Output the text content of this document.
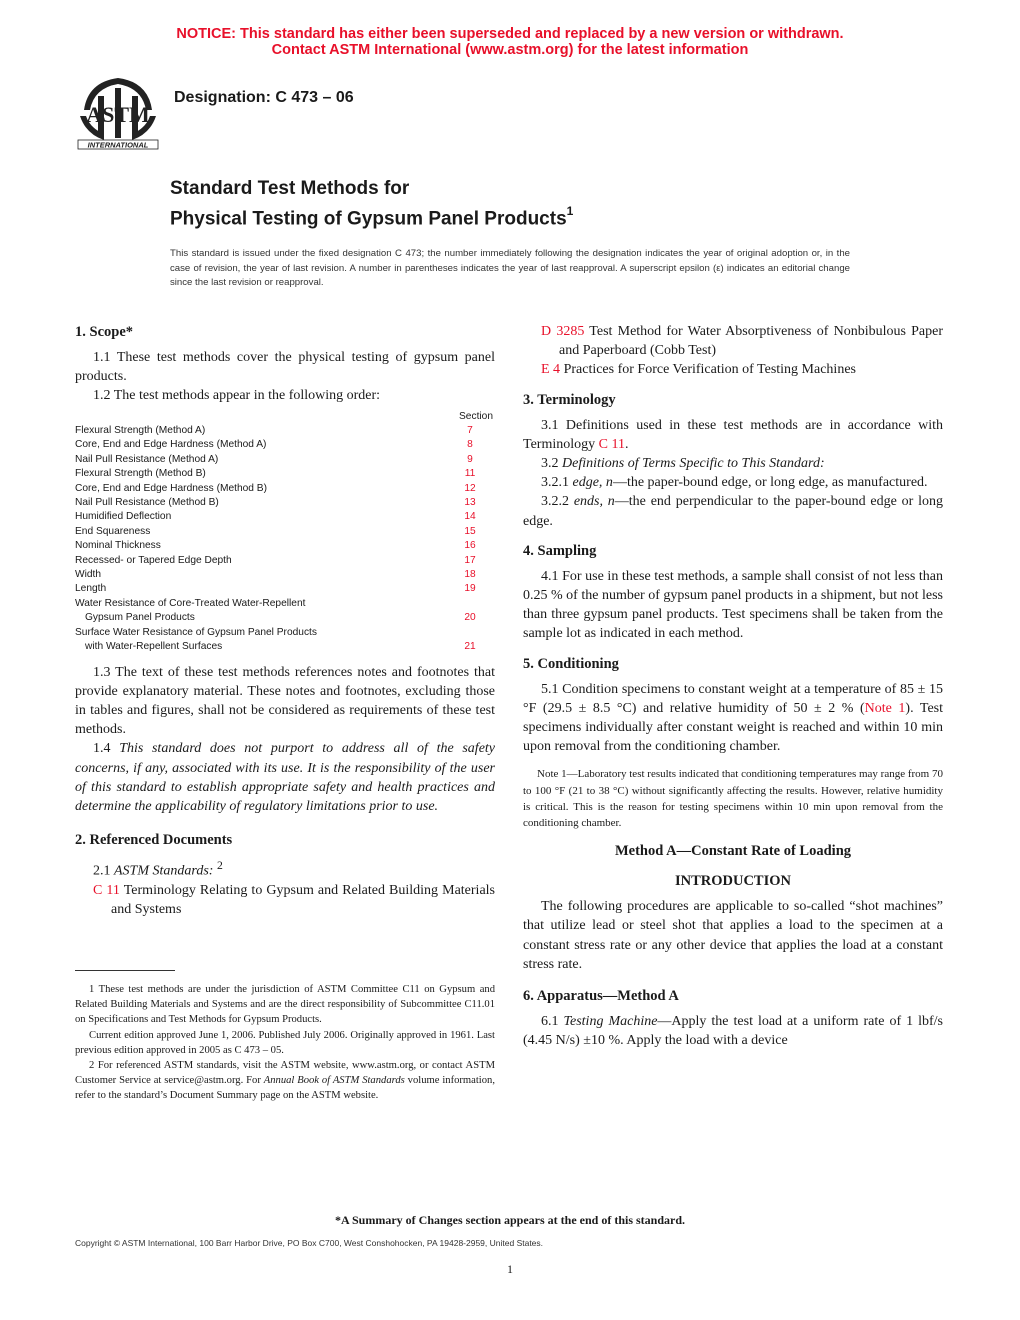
NOTICE: This standard has either been superseded and replaced by a new version or withdrawn.
Contact ASTM International (www.astm.org) for the latest information
ASTM
INTERNATIONAL
Designation: C 473 – 06
Standard Test Methods for
Physical Testing of Gypsum Panel Products$^1$
This standard is issued under the fixed designation C 473; the number immediately following the designation indicates the year of original adoption or, in the case of revision, the year of last revision. A number in parentheses indicates the year of last reapproval. A superscript epsilon (ε) indicates an editorial change since the last revision or reapproval.
1. Scope*

1.1 These test methods cover the physical testing of gypsum panel products.

1.2 The test methods appear in the following order:

Section
Flexural Strength (Method A)	7
Core, End and Edge Hardness (Method A)	8
Nail Pull Resistance (Method A)	9
Flexural Strength (Method B)	11
Core, End and Edge Hardness (Method B)	12
Nail Pull Resistance (Method B)	13
Humidified Deflection	14
End Squareness	15
Nominal Thickness	16
Recessed- or Tapered Edge Depth	17
Width	18
Length	19
Water Resistance of Core-Treated Water-Repellent
Gypsum Panel Products	20
Surface Water Resistance of Gypsum Panel Products
with Water-Repellent Surfaces	21

1.3 The text of these test methods references notes and footnotes that provide explanatory material. These notes and footnotes, excluding those in tables and figures, shall not be considered as requirements of these test methods.

1.4 This standard does not purport to address all of the safety concerns, if any, associated with its use. It is the responsibility of the user of this standard to establish appropriate safety and health practices and determine the applicability of regulatory limitations prior to use.

2. Referenced Documents

2.1 ASTM Standards: $^2$

C 11 Terminology Relating to Gypsum and Related Building Materials and Systems

D 3285 Test Method for Water Absorptiveness of Nonbibulous Paper and Paperboard (Cobb Test)

E 4 Practices for Force Verification of Testing Machines

3. Terminology

3.1 Definitions used in these test methods are in accordance with Terminology C 11.

3.2 Definitions of Terms Specific to This Standard:

3.2.1 edge, n—the paper-bound edge, or long edge, as manufactured.

3.2.2 ends, n—the end perpendicular to the paper-bound edge or long edge.

4. Sampling

4.1 For use in these test methods, a sample shall consist of not less than 0.25 % of the number of gypsum panel products in a shipment, but not less than three gypsum panel products. Test specimens shall be taken from the sample lot as indicated in each method.

5. Conditioning

5.1 Condition specimens to constant weight at a temperature of 85 ± 15 °F (29.5 ± 8.5 °C) and relative humidity of 50 ± 2 % (Note 1). Test specimens individually after constant weight is reached and within 10 min upon removal from the conditioning chamber.

Note 1—Laboratory test results indicated that conditioning temperatures may range from 70 to 100 °F (21 to 38 °C) without significantly affecting the results. However, relative humidity is critical. This is the reason for testing specimens within 10 min upon removal from the conditioning chamber.

Method A—Constant Rate of Loading
INTRODUCTION

The following procedures are applicable to so-called “shot machines” that utilize lead or steel shot that applies a load to the specimen at a constant stress rate or any other device that applies the load at a constant stress rate.

6. Apparatus—Method A

6.1 Testing Machine—Apply the test load at a uniform rate of 1 lbf/s (4.45 N/s) ±10 %. Apply the load with a device

1 These test methods are under the jurisdiction of ASTM Committee C11 on Gypsum and Related Building Materials and Systems and are the direct responsibility of Subcommittee C11.01 on Specifications and Test Methods for Gypsum Products.

Current edition approved June 1, 2006. Published July 2006. Originally approved in 1961. Last previous edition approved in 2005 as C 473 – 05.

2 For referenced ASTM standards, visit the ASTM website, www.astm.org, or contact ASTM Customer Service at service@astm.org. For Annual Book of ASTM Standards volume information, refer to the standard’s Document Summary page on the ASTM website.

*A Summary of Changes section appears at the end of this standard.
Copyright © ASTM International, 100 Barr Harbor Drive, PO Box C700, West Conshohocken, PA 19428-2959, United States.
1
